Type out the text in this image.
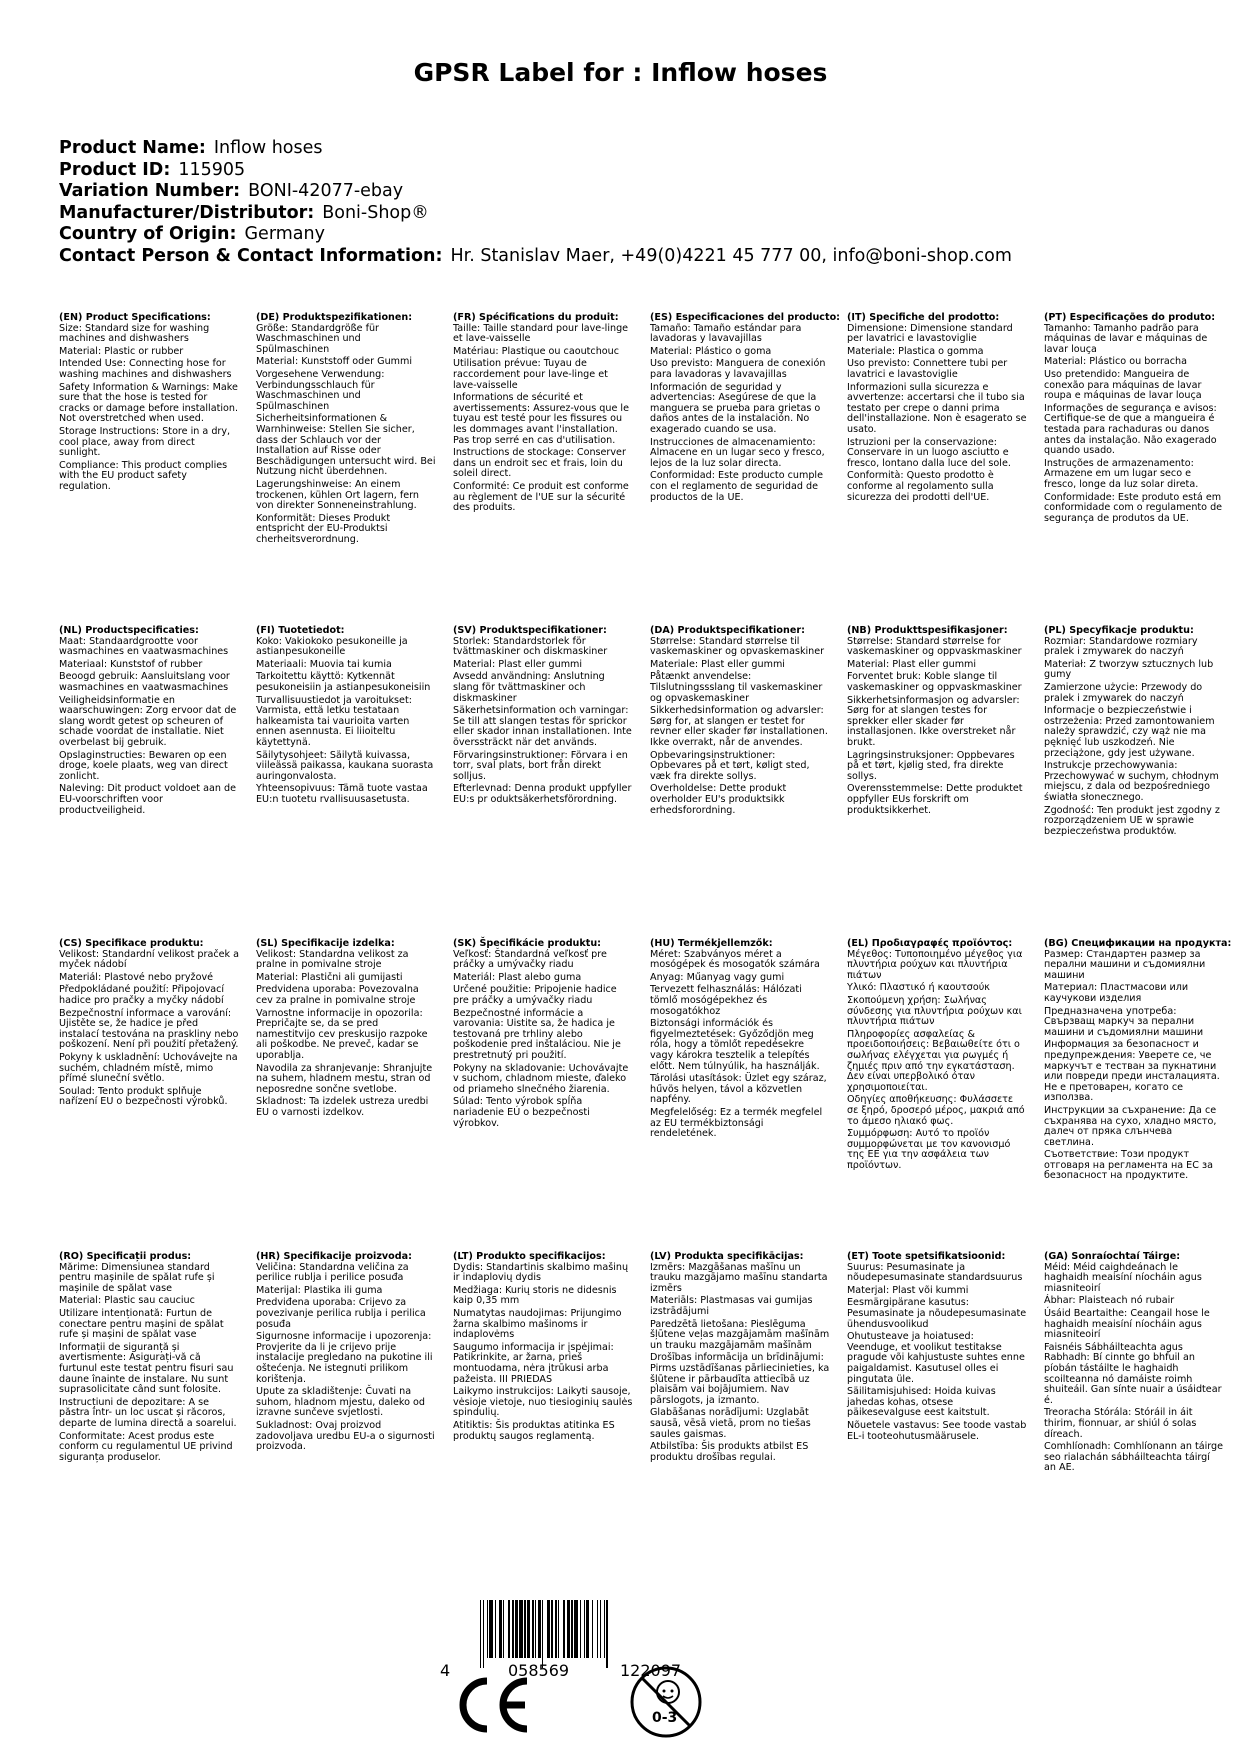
GPSR Label for : Inflow hoses
Product Name: Inflow hoses
Product ID: 115905
Variation Number: BONI-42077-ebay
Manufacturer/Distributor: Boni-Shop®
Country of Origin: Germany
Contact Person & Contact Information: Hr. Stanislav Maer, +49(0)4221 45 777 00, info@boni-shop.com
(EN) Product Specifications:
Size: Standard size for washing machines and dishwashers
Material: Plastic or rubber
Intended Use: Connecting hose for washing machines and dishwashers
Safety Information & Warnings: Make sure that the hose is tested for cracks or damage before installation. Not overstretched when used.
Storage Instructions: Store in a dry, cool place, away from direct sunlight.
Compliance: This product complies with the EU product safety regulation.
(DE) Produktspezifikationen:
Größe: Standardgröße für Waschmaschinen und Spülmaschinen
Material: Kunststoff oder Gummi
Vorgesehene Verwendung: Verbindungsschlauch für Waschmaschinen und Spülmaschinen
Sicherheitsinformationen & Warnhinweise: Stellen Sie sicher, dass der Schlauch vor der Installation auf Risse oder Beschädigungen untersucht wird. Bei Nutzung nicht überdehnen.
Lagerungshinweise: An einem trockenen, kühlen Ort lagern, fern von direkter Sonneneinstrahlung.
Konformität: Dieses Produkt entspricht der EU-Produktsi cherheitsverordnung.
(FR) Spécifications du produit:
Taille: Taille standard pour lave-linge et lave-vaisselle
Matériau: Plastique ou caoutchouc
Utilisation prévue: Tuyau de raccordement pour lave-linge et lave-vaisselle
Informations de sécurité et avertissements: Assurez-vous que le tuyau est testé pour les fissures ou les dommages avant l'installation. Pas trop serré en cas d'utilisation.
Instructions de stockage: Conserver dans un endroit sec et frais, loin du soleil direct.
Conformité: Ce produit est conforme au règlement de l'UE sur la sécurité des produits.
(ES) Especificaciones del producto:
Tamaño: Tamaño estándar para lavadoras y lavavajillas
Material: Plástico o goma
Uso previsto: Manguera de conexión para lavadoras y lavavajillas
Información de seguridad y advertencias: Asegúrese de que la manguera se prueba para grietas o daños antes de la instalación. No exagerado cuando se usa.
Instrucciones de almacenamiento: Almacene en un lugar seco y fresco, lejos de la luz solar directa.
Conformidad: Este producto cumple con el reglamento de seguridad de productos de la UE.
(IT) Specifiche del prodotto:
Dimensione: Dimensione standard per lavatrici e lavastoviglie
Materiale: Plastica o gomma
Uso previsto: Connettere tubi per lavatrici e lavastoviglie
Informazioni sulla sicurezza e avvertenze: accertarsi che il tubo sia testato per crepe o danni prima dell'installazione. Non è esagerato se usato.
Istruzioni per la conservazione: Conservare in un luogo asciutto e fresco, lontano dalla luce del sole.
Conformità: Questo prodotto è conforme al regolamento sulla sicurezza dei prodotti dell'UE.
(PT) Especificações do produto:
Tamanho: Tamanho padrão para máquinas de lavar e máquinas de lavar louça
Material: Plástico ou borracha
Uso pretendido: Mangueira de conexão para máquinas de lavar roupa e máquinas de lavar louça
Informações de segurança e avisos: Certifique-se de que a mangueira é testada para rachaduras ou danos antes da instalação. Não exagerado quando usado.
Instruções de armazenamento: Armazene em um lugar seco e fresco, longe da luz solar direta.
Conformidade: Este produto está em conformidade com o regulamento de segurança de produtos da UE.
(NL) Productspecificaties:
Maat: Standaardgrootte voor wasmachines en vaatwasmachines
Materiaal: Kunststof of rubber
Beoogd gebruik: Aansluitslang voor wasmachines en vaatwasmachines
Veiligheidsinformatie en waarschuwingen: Zorg ervoor dat de slang wordt getest op scheuren of schade voordat de installatie. Niet overbelast bij gebruik.
Opslaginstructies: Bewaren op een droge, koele plaats, weg van direct zonlicht.
Naleving: Dit product voldoet aan de EU-voorschriften voor productveiligheid.
(FI) Tuotetiedot:
Koko: Vakiokoko pesukoneille ja astianpesukoneille
Materiaali: Muovia tai kumia
Tarkoitettu käyttö: Kytkennät pesukoneisiin ja astianpesukoneisiin
Turvallisuustiedot ja varoitukset: Varmista, että letku testataan halkeamista tai vaurioita varten ennen asennusta. Ei liioiteltu käytettynä.
Säilytysohjeet: Säilytä kuivassa, viileässä paikassa, kaukana suorasta auringonvalosta.
Yhteensopivuus: Tämä tuote vastaa EU:n tuotetu rvallisuusasetusta.
(SV) Produktspecifikationer:
Storlek: Standardstorlek för tvättmaskiner och diskmaskiner
Material: Plast eller gummi
Avsedd användning: Anslutning slang för tvättmaskiner och diskmaskiner
Säkerhetsinformation och varningar: Se till att slangen testas för sprickor eller skador innan installationen. Inte överssträckt när det används.
Förvaringsinstruktioner: Förvara i en torr, sval plats, bort från direkt solljus.
Efterlevnad: Denna produkt uppfyller EU:s pr oduktsäkerhetsförordning.
(DA) Produktspecifikationer:
Størrelse: Standard størrelse til vaskemaskiner og opvaskemaskiner
Materiale: Plast eller gummi
Påtænkt anvendelse: Tilslutningssslang til vaskemaskiner og opvaskemaskiner
Sikkerhedsinformation og advarsler: Sørg for, at slangen er testet for revner eller skader før installationen. Ikke overrakt, når de anvendes.
Opbevaringsinstruktioner: Opbevares på et tørt, køligt sted, væk fra direkte sollys.
Overholdelse: Dette produkt overholder EU's produktsikk erhedsforordning.
(NB) Produkttspesifikasjoner:
Størrelse: Standard størrelse for vaskemaskiner og oppvaskmaskiner
Material: Plast eller gummi
Forventet bruk: Koble slange til vaskemaskiner og oppvaskmaskiner
Sikkerhetsinformasjon og advarsler: Sørg for at slangen testes for sprekker eller skader før installasjonen. Ikke overstreket når brukt.
Lagringsinstruksjoner: Oppbevares på et tørt, kjølig sted, fra direkte sollys.
Overensstemmelse: Dette produktet oppfyller EUs forskrift om produktsikkerhet.
(PL) Specyfikacje produktu:
Rozmiar: Standardowe rozmiary pralek i zmywarek do naczyń
Materiał: Z tworzyw sztucznych lub gumy
Zamierzone użycie: Przewody do pralek i zmywarek do naczyń
Informacje o bezpieczeństwie i ostrzeżenia: Przed zamontowaniem należy sprawdzić, czy wąż nie ma pęknięć lub uszkodzeń. Nie przeciążone, gdy jest używane.
Instrukcje przechowywania: Przechowywać w suchym, chłodnym miejscu, z dala od bezpośredniego światła słonecznego.
Zgodność: Ten produkt jest zgodny z rozporządzeniem UE w sprawie bezpieczeństwa produktów.
(CS) Specifikace produktu:
Velikost: Standardní velikost praček a myček nádobí
Materiál: Plastové nebo pryžové
Předpokládané použití: Připojovací hadice pro pračky a myčky nádobí
Bezpečnostní informace a varování: Ujistěte se, že hadice je před instalací testována na praskliny nebo poškození. Není při použití přetažený.
Pokyny k uskladnění: Uchovávejte na suchém, chladném místě, mimo přímé sluneční světlo.
Soulad: Tento produkt splňuje nařízení EU o bezpečnosti výrobků.
(SL) Specifikacije izdelka:
Velikost: Standardna velikost za pralne in pomivalne stroje
Material: Plastični ali gumijasti
Predvidena uporaba: Povezovalna cev za pralne in pomivalne stroje
Varnostne informacije in opozorila: Prepričajte se, da se pred namestitvijo cev preskusijo razpoke ali poškodbe. Ne preveč, kadar se uporablja.
Navodila za shranjevanje: Shranjujte na suhem, hladnem mestu, stran od neposredne sončne svetlobe.
Skladnost: Ta izdelek ustreza uredbi EU o varnosti izdelkov.
(SK) Špecifikácie produktu:
Veľkosť: Štandardná veľkosť pre práčky a umývačky riadu
Materiál: Plast alebo guma
Určené použitie: Pripojenie hadice pre práčky a umývačky riadu
Bezpečnostné informácie a varovania: Uistite sa, že hadica je testovaná pre trhliny alebo poškodenie pred inštaláciou. Nie je prestretnutý pri použití.
Pokyny na skladovanie: Uchovávajte v suchom, chladnom mieste, ďaleko od priameho slnečného žiarenia.
Súlad: Tento výrobok spĺňa nariadenie EÚ o bezpečnosti výrobkov.
(HU) Termékjellemzők:
Méret: Szabványos méret a mosógépek és mosogatók számára
Anyag: Műanyag vagy gumi
Tervezett felhasználás: Hálózati tömlő mosógépekhez és mosogatókhoz
Biztonsági információk és figyelmeztetések: Győződjön meg róla, hogy a tömlőt repedésekre vagy károkra tesztelik a telepítés előtt. Nem túlnyúlik, ha használják.
Tárolási utasítások: Üzlet egy száraz, hűvös helyen, távol a közvetlen napfény.
Megfelelőség: Ez a termék megfelel az EU termékbiztonsági rendeletének.
(EL) Προδιαγραφές προϊόντος:
Μέγεθος: Τυποποιημένο μέγεθος για πλυντήρια ρούχων και πλυντήρια πιάτων
Υλικό: Πλαστικό ή καουτσούκ
Σκοπούμενη χρήση: Σωλήνας σύνδεσης για πλυντήρια ρούχων και πλυντήρια πιάτων
Πληροφορίες ασφαλείας & προειδοποιήσεις: Βεβαιωθείτε ότι ο σωλήνας ελέγχεται για ρωγμές ή ζημιές πριν από την εγκατάσταση. Δεν είναι υπερβολικό όταν χρησιμοποιείται.
Οδηγίες αποθήκευσης: Φυλάσσετε σε ξηρό, δροσερό μέρος, μακριά από το άμεσο ηλιακό φως.
Συμμόρφωση: Αυτό το προϊόν συμμορφώνεται με τον κανονισμό της ΕΕ για την ασφάλεια των προϊόντων.
(BG) Спецификации на продукта:
Размер: Стандартен размер за перални машини и съдомиялни машини
Материал: Пластмасови или каучукови изделия
Предназначена употреба: Свързващ маркуч за перални машини и съдомиялни машини
Информация за безопасност и предупреждения: Уверете се, че маркучът е тестван за пукнатини или повреди преди инсталацията. Не е претоварен, когато се използва.
Инструкции за съхранение: Да се съхранява на сухо, хладно място, далеч от пряка слънчева светлина.
Съответствие: Този продукт отговаря на регламента на ЕС за безопасност на продуктите.
(RO) Specificații produs:
Mărime: Dimensiunea standard pentru mașinile de spălat rufe și mașinile de spălat vase
Material: Plastic sau cauciuc
Utilizare intenționată: Furtun de conectare pentru mașini de spălat rufe și mașini de spălat vase
Informații de siguranță și avertismente: Asigurați-vă că furtunul este testat pentru fisuri sau daune înainte de instalare. Nu sunt suprasolicitate când sunt folosite.
Instrucțiuni de depozitare: A se păstra într- un loc uscat și răcoros, departe de lumina directă a soarelui.
Conformitate: Acest produs este conform cu regulamentul UE privind siguranța produselor.
(HR) Specifikacije proizvoda:
Veličina: Standardna veličina za perilice rublja i perilice posuđa
Materijal: Plastika ili guma
Predviđena uporaba: Crijevo za povezivanje perilica rublja i perilica posuđa
Sigurnosne informacije i upozorenja: Provjerite da li je crijevo prije instalacije pregledano na pukotine ili oštećenja. Ne istegnuti prilikom korištenja.
Upute za skladištenje: Čuvati na suhom, hladnom mjestu, daleko od izravne sunčeve svjetlosti.
Sukladnost: Ovaj proizvod zadovoljava uredbu EU-a o sigurnosti proizvoda.
(LT) Produkto specifikacijos:
Dydis: Standartinis skalbimo mašinų ir indaplovių dydis
Medžiaga: Kurių storis ne didesnis kaip 0,35 mm
Numatytas naudojimas: Prijungimo žarna skalbimo mašinoms ir indaplovėms
Saugumo informacija ir įspėjimai: Patikrinkite, ar žarna, prieš montuodama, nėra įtrūkusi arba pažeista. III PRIEDAS
Laikymo instrukcijos: Laikyti sausoje, vėsioje vietoje, nuo tiesioginių saulės spindulių.
Atitiktis: Šis produktas atitinka ES produktų saugos reglamentą.
(LV) Produkta specifikācijas:
Izmērs: Mazgāšanas mašīnu un trauku mazgājamo mašīnu standarta izmērs
Materiāls: Plastmasas vai gumijas izstrādājumi
Paredzētā lietošana: Pieslēguma šļūtene veļas mazgājamām mašīnām un trauku mazgājamām mašīnām
Drošības informācija un brīdinājumi: Pirms uzstādīšanas pārliecinieties, ka šļūtene ir pārbaudīta attiecībā uz plaisām vai bojājumiem. Nav pārslogots, ja izmanto.
Glabāšanas norādījumi: Uzglabāt sausā, vēsā vietā, prom no tiešas saules gaismas.
Atbilstība: Šis produkts atbilst ES produktu drošības regulai.
(ET) Toote spetsifikatsioonid:
Suurus: Pesumasinate ja nõudepesumasinate standardsuurus
Materjal: Plast või kummi
Eesmärgipärane kasutus: Pesumasinate ja nõudepesumasinate ühendusvoolikud
Ohutusteave ja hoiatused: Veenduge, et voolikut testitakse pragude või kahjustuste suhtes enne paigaldamist. Kasutusel olles ei pingutata üle.
Säilitamisjuhised: Hoida kuivas jahedas kohas, otsese päikesevalguse eest kaitstult.
Nõuetele vastavus: See toode vastab EL-i tooteohutusmäärusele.
(GA) Sonraíochtaí Táirge:
Méid: Méid caighdeánach le haghaidh meaisíní níocháin agus miasniteoirí
Ábhar: Plaisteach nó rubair
Úsáid Beartaithe: Ceangail hose le haghaidh meaisíní níocháin agus miasniteoirí
Faisnéis Sábháilteachta agus Rabhadh: Bí cinnte go bhfuil an píobán tástáilte le haghaidh scoilteanna nó damáiste roimh shuiteáil. Gan sínte nuair a úsáidtear é.
Treoracha Stórála: Stóráil in áit thirim, fionnuar, ar shiúl ó solas díreach.
Comhlíonadh: Comhlíonann an táirge seo rialachán sábháilteachta táirgí an AE.
4	058569	122097
0-3
